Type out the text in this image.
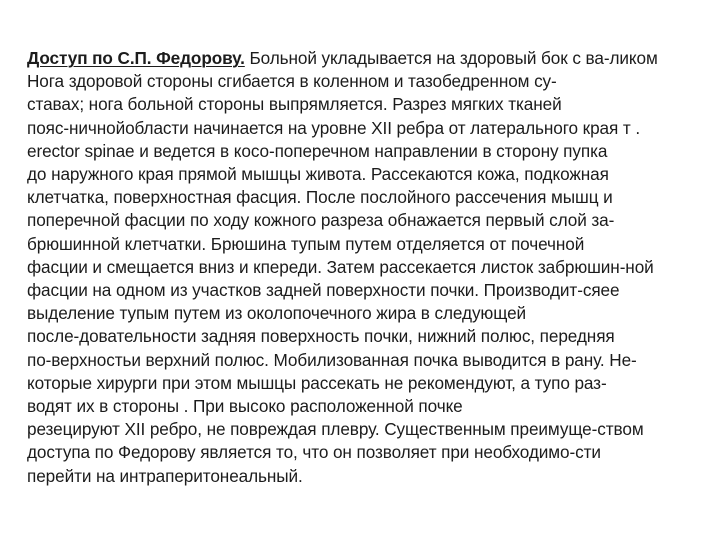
Доступ по С.П. Федорову. Больной укладывается на здоровый бок с ва-ликом
Нога здоровой стороны сгибается в коленном и тазобедренном су-
ставах; нога больной стороны выпрямляется. Разрез мягких тканей
пояс-ничнойобласти начинается на уровне XII ребра от латерального края т .
erector spinae и ведется в косо-поперечном направлении в сторону пупка
до наружного края прямой мышцы живота. Рассекаются кожа, подкожная
клетчатка, поверхностная фасция. После послойного рассечения мышц и
поперечной фасции по ходу кожного разреза обнажается первый слой за-
брюшинной клетчатки. Брюшина тупым путем отделяется от почечной
фасции и смещается вниз и кпереди. Затем рассекается листок забрюшин-ной
фасции на одном из участков задней поверхности почки. Производит-сяее
выделение тупым путем из околопочечного жира в следующей
после-довательности задняя поверхность почки, нижний полюс, передняя
по-верхностьи верхний полюс. Мобилизованная почка выводится в рану. Не-
которые хирурги при этом мышцы рассекать не рекомендуют, а тупо раз-
водят их в стороны . При высоко расположенной почке
резецируют XII ребро, не повреждая плевру. Существенным преимуще-ством
доступа по Федорову является то, что он позволяет при необходимо-сти
перейти на интраперитонеальный.
